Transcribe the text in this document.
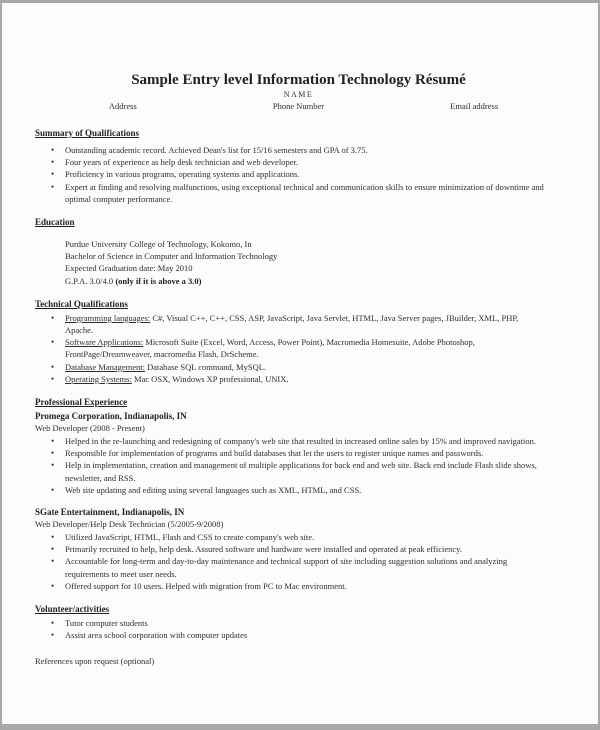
Sample Entry level Information Technology Résumé
NAME
Address	Phone Number	Email address
Summary of Qualifications
•
Outstanding academic record. Achieved Dean's list for 15/16 semesters and GPA of 3.75.
•
Four years of experience as help desk technician and web developer.
•
Proficiency in various programs, operating systems and applications.
•
Expert at finding and resolving malfunctions, using exceptional technical and communication skills to ensure minimization of downtime and optimal computer performance.
Education
Purdue University College of Technology, Kokomo, In
Bachelor of Science in Computer and Information Technology
Expected Graduation date: May 2010
G.P.A. 3.0/4.0 (only if it is above a 3.0)
Technical Qualifications
•
Programming languages: C#, Visual C++, C++, CSS, ASP, JavaScript, Java Servlet, HTML, Java Server pages, JBuilder, XML, PHP, Apache.
•
Software Applications: Microsoft Suite (Excel, Word, Access, Power Point), Macromedia Homesuite, Adobe Photoshop, FrontPage/Dreamweaver, macromedia Flash, DrScheme.
•
Database Management: Database SQL command, MySQL.
•
Operating Systems: Mac OSX, Windows XP professional, UNIX.
Professional Experience
Promega Corporation, Indianapolis, IN
Web Developer (2008 - Present)
•
Helped in the re-launching and redesigning of company's web site that resulted in increased online sales by 15% and improved navigation.
•
Responsible for implementation of programs and build databases that let the users to register unique names and passwords.
•
Help in implementation, creation and management of multiple applications for back end and web site. Back end include Flash slide shows, newsletter, and RSS.
•
Web site updating and editing using several languages such as XML, HTML, and CSS.
SGate Entertainment, Indianapolis, IN
Web Developer/Help Desk Technician (5/2005-9/2008)
•
Utilized JavaScript, HTML, Flash and CSS to create company's web site.
•
Primarily recruited to help, help desk. Assured software and hardware were installed and operated at peak efficiency.
•
Accountable for long-term and day-to-day maintenance and technical support of site including suggestion solutions and analyzing requirements to meet user needs.
•
Offered support for 10 users. Helped with migration from PC to Mac environment.
Volunteer/activities
•
Tutor computer students
•
Assist area school corporation with computer updates
References upon request (optional)
